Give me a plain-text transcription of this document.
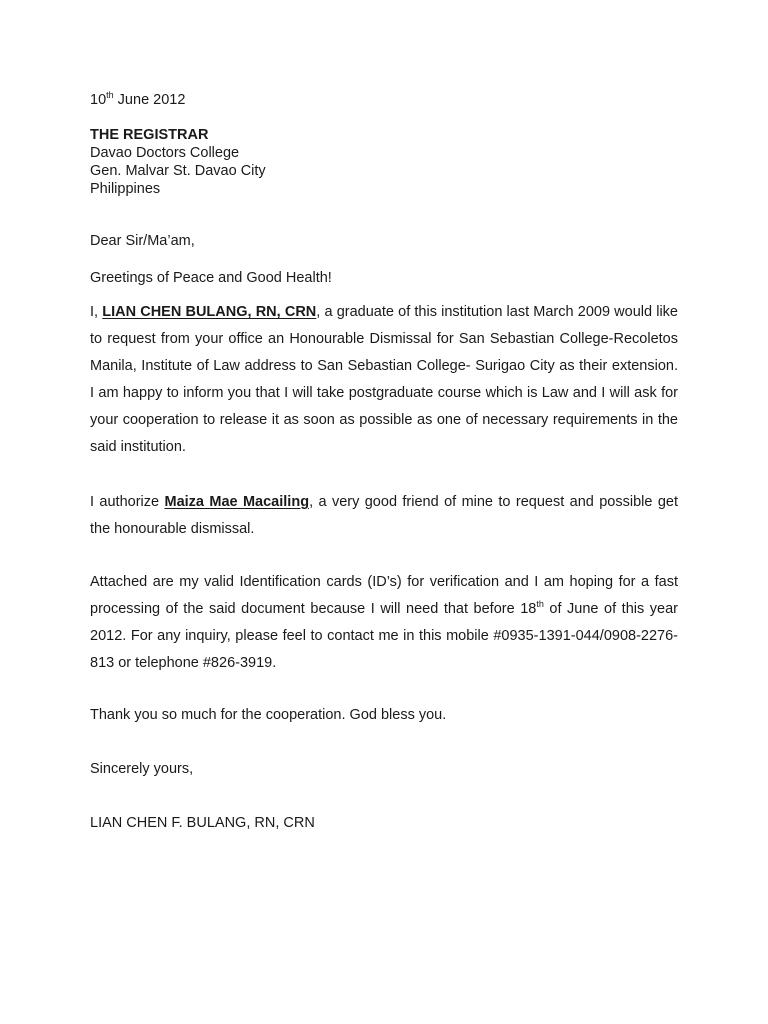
10th June 2012
THE REGISTRAR
Davao Doctors College
Gen. Malvar St. Davao City
Philippines
Dear Sir/Ma’am,
Greetings of Peace and Good Health!

I, LIAN CHEN BULANG, RN, CRN, a graduate of this institution last March 2009 would like to request from your office an Honourable Dismissal for San Sebastian College-Recoletos Manila, Institute of Law address to San Sebastian College- Surigao City as their extension. I am happy to inform you that I will take postgraduate course which is Law and I will ask for your cooperation to release it as soon as possible as one of necessary requirements in the said institution.

I authorize Maiza Mae Macailing, a very good friend of mine to request and possible get the honourable dismissal.

Attached are my valid Identification cards (ID’s) for verification and I am hoping for a fast processing of the said document because I will need that before 18th of June of this year 2012. For any inquiry, please feel to contact me in this mobile #0935-1391-044/0908-2276-813 or telephone #826-3919.

Thank you so much for the cooperation. God bless you.
Sincerely yours,
LIAN CHEN F. BULANG, RN, CRN
